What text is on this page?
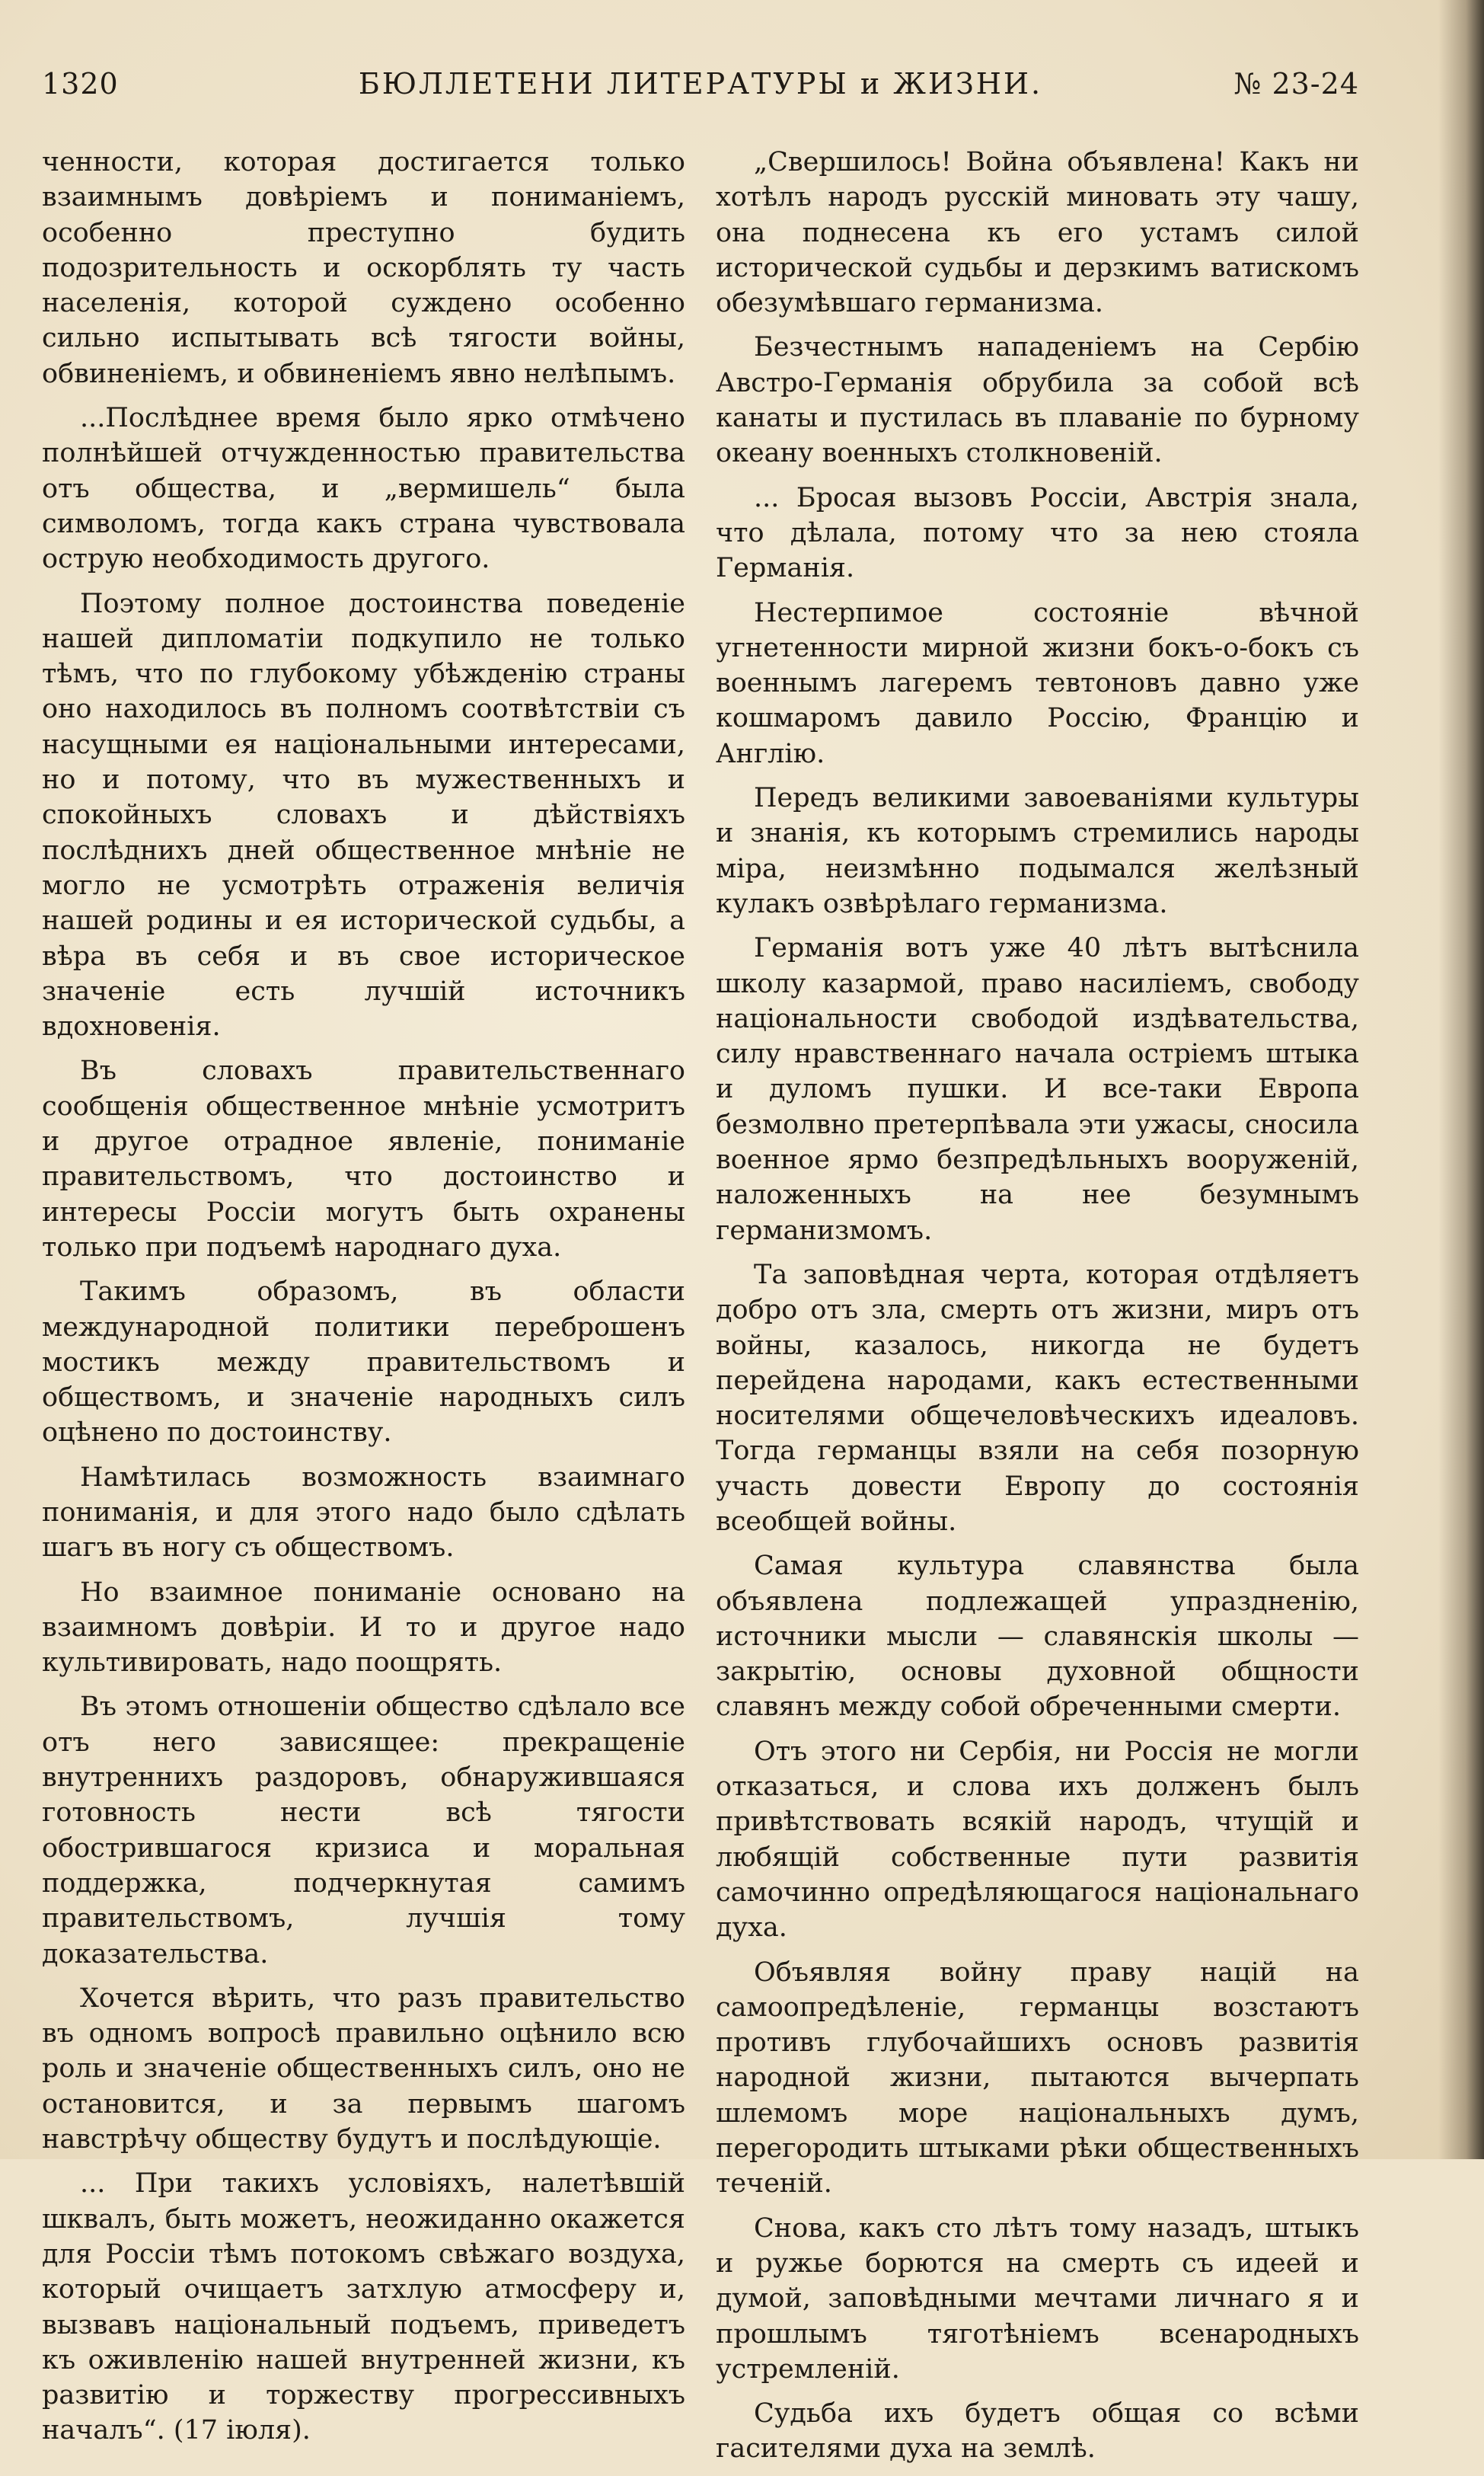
1320	БЮЛЛЕТЕНИ ЛИТЕРАТУРЫ и ЖИЗНИ.	№ 23-24

ченности, которая достигается только взаимнымъ довѣріемъ и пониманіемъ, особенно преступно будить подозрительность и оскорблять ту часть населенія, которой суждено особенно сильно испытывать всѣ тягости войны, обвиненіемъ, и обвиненіемъ явно нелѣпымъ.

...Послѣднее время было ярко отмѣчено полнѣйшей отчужденностью правительства отъ общества, и „вермишель“ была символомъ, тогда какъ страна чувствовала острую необходимость другого.

Поэтому полное достоинства поведеніе нашей дипломатіи подкупило не только тѣмъ, что по глубокому убѣжденію страны оно находилось въ полномъ соотвѣтствіи съ насущными ея національными интересами, но и потому, что въ мужественныхъ и спокойныхъ словахъ и дѣйствіяхъ послѣднихъ дней общественное мнѣніе не могло не усмотрѣть отраженія величія нашей родины и ея исторической судьбы, а вѣра въ себя и въ свое историческое значеніе есть лучшій источникъ вдохновенія.

Въ словахъ правительственнаго сообщенія общественное мнѣніе усмотритъ и другое отрадное явленіе, пониманіе правительствомъ, что достоинство и интересы Россіи могутъ быть охранены только при подъемѣ народнаго духа.

Такимъ образомъ, въ области международной политики переброшенъ мостикъ между правительствомъ и обществомъ, и значеніе народныхъ силъ оцѣнено по достоинству.

Намѣтилась возможность взаимнаго пониманія, и для этого надо было сдѣлать шагъ въ ногу съ обществомъ.

Но взаимное пониманіе основано на взаимномъ довѣріи. И то и другое надо культивировать, надо поощрять.

Въ этомъ отношеніи общество сдѣлало все отъ него зависящее: прекращеніе внутреннихъ раздоровъ, обнаружившаяся готовность нести всѣ тягости обострившагося кризиса и моральная поддержка, подчеркнутая самимъ правительствомъ, лучшія тому доказательства.

Хочется вѣрить, что разъ правительство въ одномъ вопросѣ правильно оцѣнило всю роль и значеніе общественныхъ силъ, оно не остановится, и за первымъ шагомъ навстрѣчу обществу будутъ и послѣдующіе.

... При такихъ условіяхъ, налетѣвшій шквалъ, быть можетъ, неожиданно окажется для Россіи тѣмъ потокомъ свѣжаго воздуха, который очищаетъ затхлую атмосферу и, вызвавъ національный подъемъ, приведетъ къ оживленію нашей внутренней жизни, къ развитію и торжеству прогрессивныхъ началъ“. (17 іюля).

„Свершилось! Война объявлена! Какъ ни хотѣлъ народъ русскій миновать эту чашу, она поднесена къ его устамъ силой исторической судьбы и дерзкимъ ватискомъ обезумѣвшаго германизма.

Безчестнымъ нападеніемъ на Сербію Австро-Германія обрубила за собой всѣ канаты и пустилась въ плаваніе по бурному океану военныхъ столкновеній.

... Бросая вызовъ Россіи, Австрія знала, что дѣлала, потому что за нею стояла Германія.

Нестерпимое состояніе вѣчной угнетенности мирной жизни бокъ-о-бокъ съ военнымъ лагеремъ тевтоновъ давно уже кошмаромъ давило Россію, Францію и Англію.

Передъ великими завоеваніями культуры и знанія, къ которымъ стремились народы міра, неизмѣнно подымался желѣзный кулакъ озвѣрѣлаго германизма.

Германія вотъ уже 40 лѣтъ вытѣснила школу казармой, право насиліемъ, свободу національности свободой издѣвательства, силу нравственнаго начала остріемъ штыка и дуломъ пушки. И все-таки Европа безмолвно претерпѣвала эти ужасы, сносила военное ярмо безпредѣльныхъ вооруженій, наложенныхъ на нее безумнымъ германизмомъ.

Та заповѣдная черта, которая отдѣляетъ добро отъ зла, смерть отъ жизни, миръ отъ войны, казалось, никогда не будетъ перейдена народами, какъ естественными носителями общечеловѣческихъ идеаловъ. Тогда германцы взяли на себя позорную участь довести Европу до состоянія всеобщей войны.

Самая культура славянства была объявлена подлежащей упраздненію, источники мысли — славянскія школы — закрытію, основы духовной общности славянъ между собой обреченными смерти.

Отъ этого ни Сербія, ни Россія не могли отказаться, и слова ихъ долженъ былъ привѣтствовать всякій народъ, чтущій и любящій собственные пути развитія самочинно опредѣляющагося національнаго духа.

Объявляя войну праву націй на самоопредѣленіе, германцы возстаютъ противъ глубочайшихъ основъ развитія народной жизни, пытаются вычерпать шлемомъ море національныхъ думъ, перегородить штыками рѣки общественныхъ теченій.

Снова, какъ сто лѣтъ тому назадъ, штыкъ и ружье борются на смерть съ идеей и думой, заповѣдными мечтами личнаго я и прошлымъ тяготѣніемъ всенародныхъ устремленій.

Судьба ихъ будетъ общая со всѣми гасителями духа на землѣ.
